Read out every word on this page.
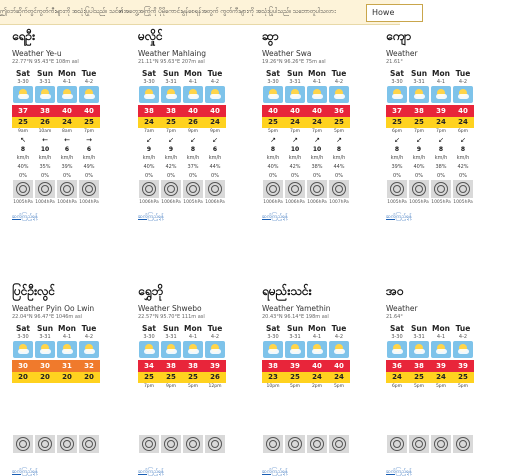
ဤဝဘ်ဆိုက်တွင်ကွတ်ကီးများကို အသုံးပြုပါသည်။ သင်၏အတွေ့အကြုံကို ပိုမိုကောင်းမွန်စေရန်အတွက် ကွတ်ကီးများကို အသုံးပြုပါသည်။ သဘောတူပါသလား	Howe
ရေဦး
Weather Ye-u
22.77°N 95.43°E 108m asl
Sat Sun Mon Tue
3-30	3-31	4-1	4-2
37	38	40	40
25	26	24	25
9am	10am	8am	7pm
↖	←	←	→
8	10	6	6
km/h	km/h	km/h	km/h
40%	35%	39%	49%
0%	0%	0%	0%
1005hPa 1004hPa 1004hPa 1004hPa
ဆက်ကြည့်ရန်
မလှိုင်
Weather Mahlaing
21.11°N 95.63°E 207m asl
Sat Sun Mon Tue
3-30	3-31	4-1	4-2
38	38	40	40
24	25	26	24
7am	7pm	9pm	9pm
↙	↙	↙	↙
9	9	8	6
km/h	km/h	km/h	km/h
40%	42%	37%	44%
0%	0%	0%	0%
1006hPa 1006hPa 1005hPa 1006hPa
ဆက်ကြည့်ရန်
ဆွာ
Weather Swa
19.26°N 96.26°E 75m asl
Sat Sun Mon Tue
3-30	3-31	4-1	4-2
40	40	40	36
25	24	24	25
5pm	7pm	7pm	5pm
↗	↗	↗	↗
8	10	10	8
km/h	km/h	km/h	km/h
40%	42%	38%	44%
0%	0%	0%	0%
1006hPa 1006hPa 1006hPa 1007hPa
ဆက်ကြည့်ရန်
ကျော
Weather
21.61°
Sat Sun Mon Tue
3-30	3-31	4-1	4-2
37	38	39	40
25	25	24	24
6pm	7pm	7pm	6pm
↙	↙	↙	↙
8	9	8	8
km/h	km/h	km/h	km/h
39%	40%	38%	42%
0%	0%	0%	0%
1005hPa 1005hPa 1005hPa 1005hPa
ဆက်ကြည့်ရန်
ပြင်ဦးလွင်
Weather Pyin Oo Lwin
22.04°N 96.47°E 1046m asl
Sat Sun Mon Tue
3-30	3-31	4-1	4-2
30	30	31	32
20	20	20	20
ဆက်ကြည့်ရန်
ရွှေဘို
Weather Shwebo
22.57°N 95.70°E 111m asl
Sat Sun Mon Tue
3-30	3-31	4-1	4-2
34	38	38	39
25	25	25	26
7pm	9pm	5pm	12pm
ဆက်ကြည့်ရန်
ရမည်းသင်း
Weather Yamethin
20.43°N 96.14°E 198m asl
Sat Sun Mon Tue
3-30	3-31	4-1	4-2
38	39	40	40
23	25	24	24
10pm	5pm	2pm	5pm
ဆက်ကြည့်ရန်
အဝ
Weather
21.64°
Sat Sun Mon Tue
3-30	3-31	4-1	4-2
36	38	39	39
24	25	24	25
6pm	5pm	5pm	5pm
ဆက်ကြည့်ရန်
